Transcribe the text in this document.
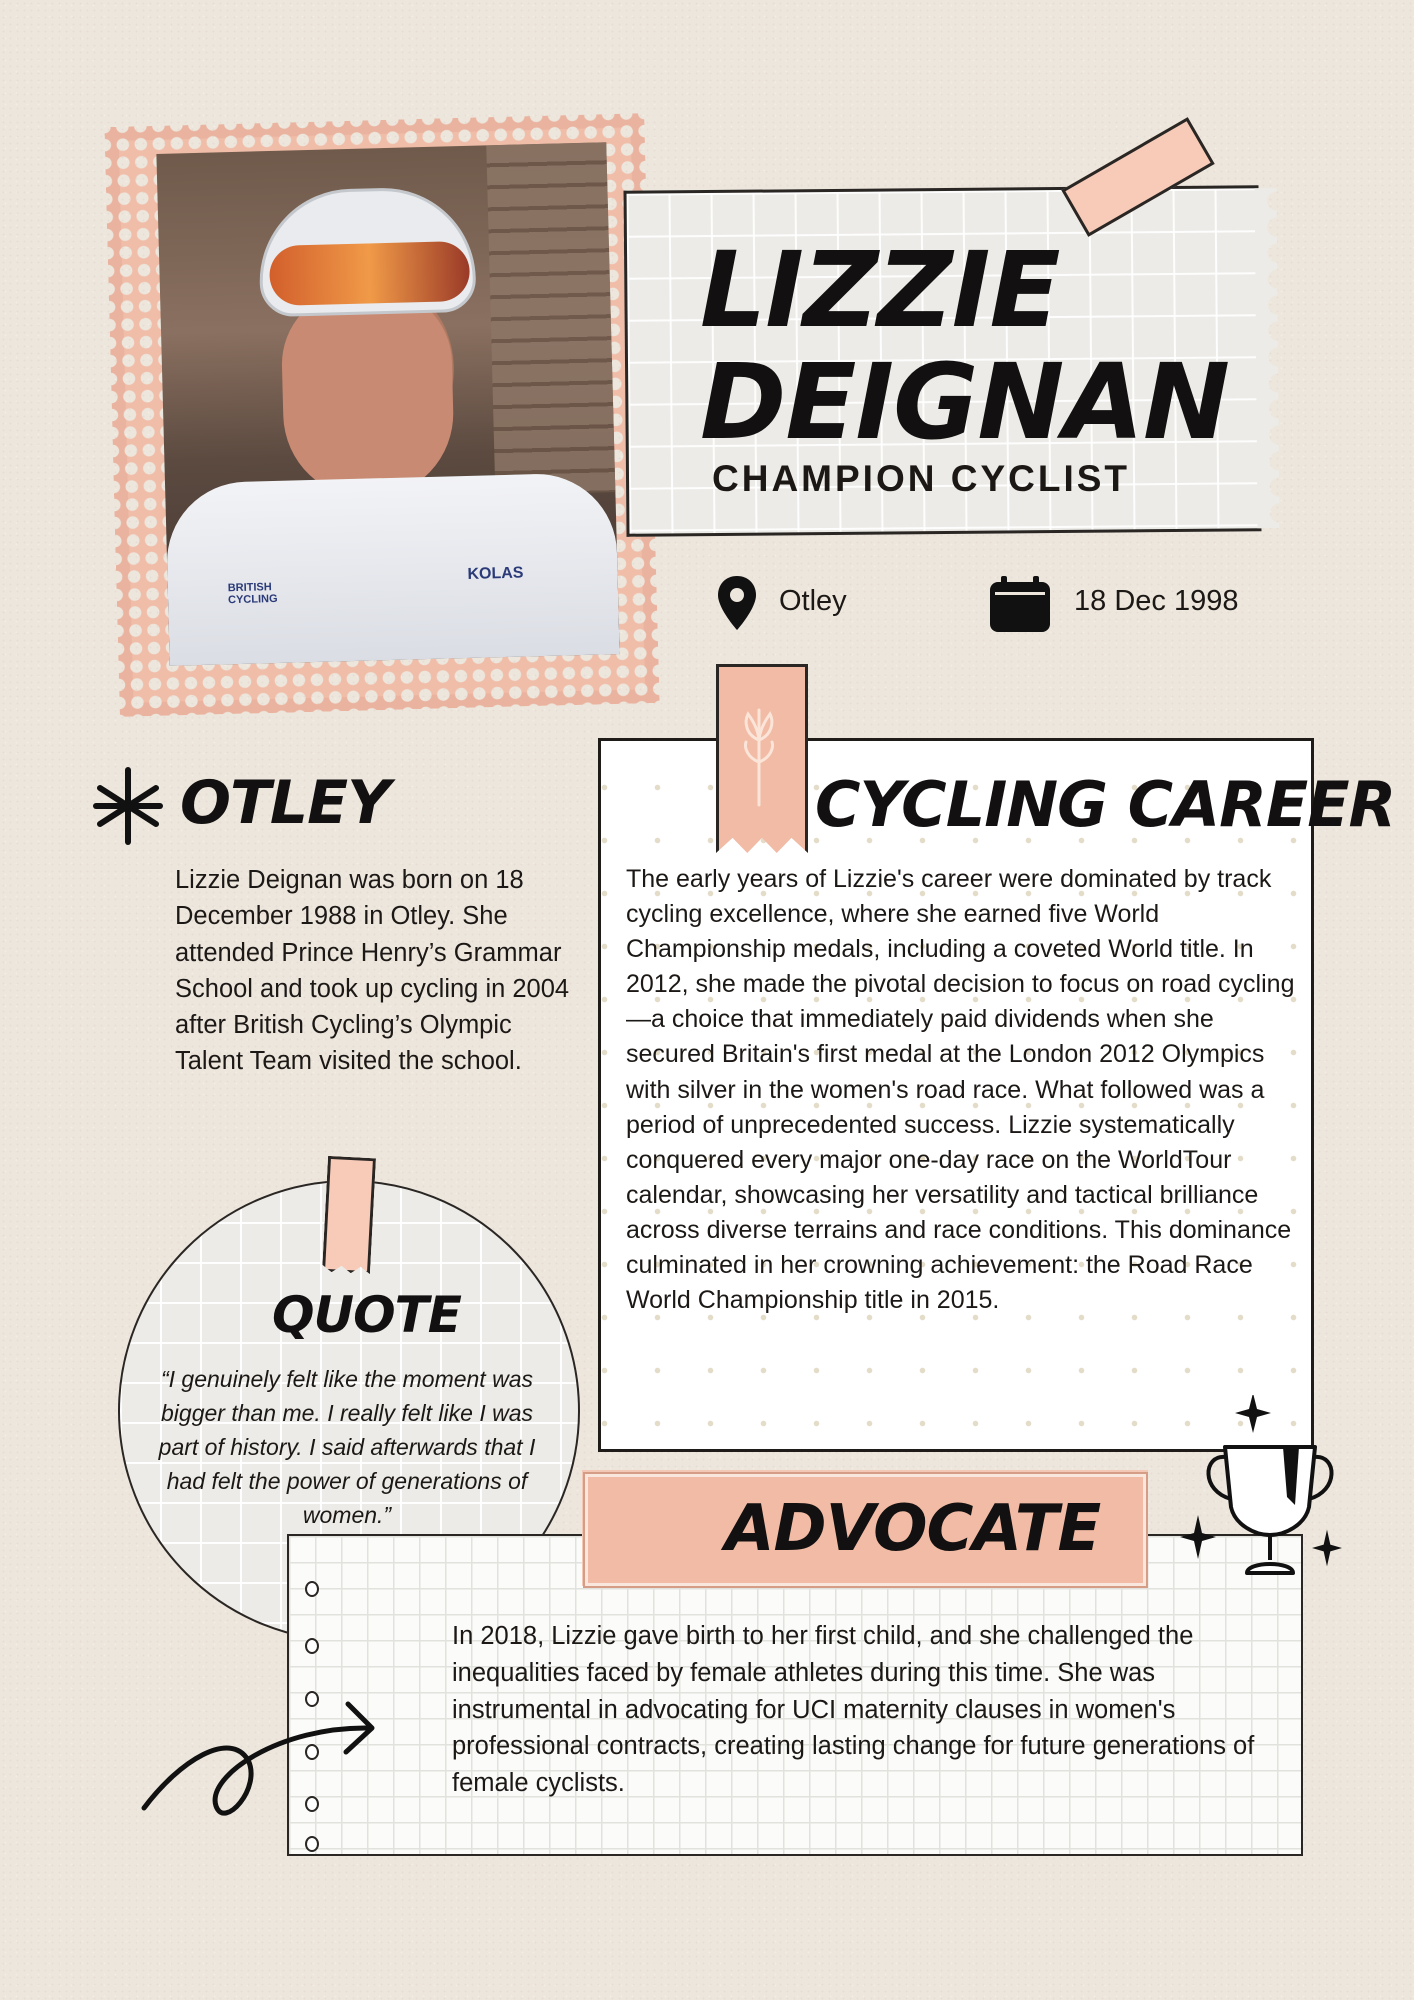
KOLAS
BRITISH CYCLING
LIZZIE
DEIGNAN
CHAMPION CYCLIST
Otley	18 Dec 1998
OTLEY
Lizzie Deignan was born on 18 December 1988 in Otley. She attended Prince Henry’s Grammar School and took up cycling in 2004 after British Cycling’s Olympic Talent Team visited the school.
CYCLING CAREER
The early years of Lizzie's career were dominated by track cycling excellence, where she earned five World Championship medals, including a coveted World title. In 2012, she made the pivotal decision to focus on road cycling—a choice that immediately paid dividends when she secured Britain's first medal at the London 2012 Olympics with silver in the women's road race. What followed was a period of unprecedented success. Lizzie systematically conquered every major one-day race on the WorldTour calendar, showcasing her versatility and tactical brilliance across diverse terrains and race conditions. This dominance culminated in her crowning achievement: the Road Race World Championship title in 2015.
QUOTE
“I genuinely felt like the moment was bigger than me. I really felt like I was part of history. I said afterwards that I had felt the power of generations of women.”	ADVOCATE
In 2018, Lizzie gave birth to her first child, and she challenged the inequalities faced by female athletes during this time. She was instrumental in advocating for UCI maternity clauses in women's professional contracts, creating lasting change for future generations of female cyclists.
